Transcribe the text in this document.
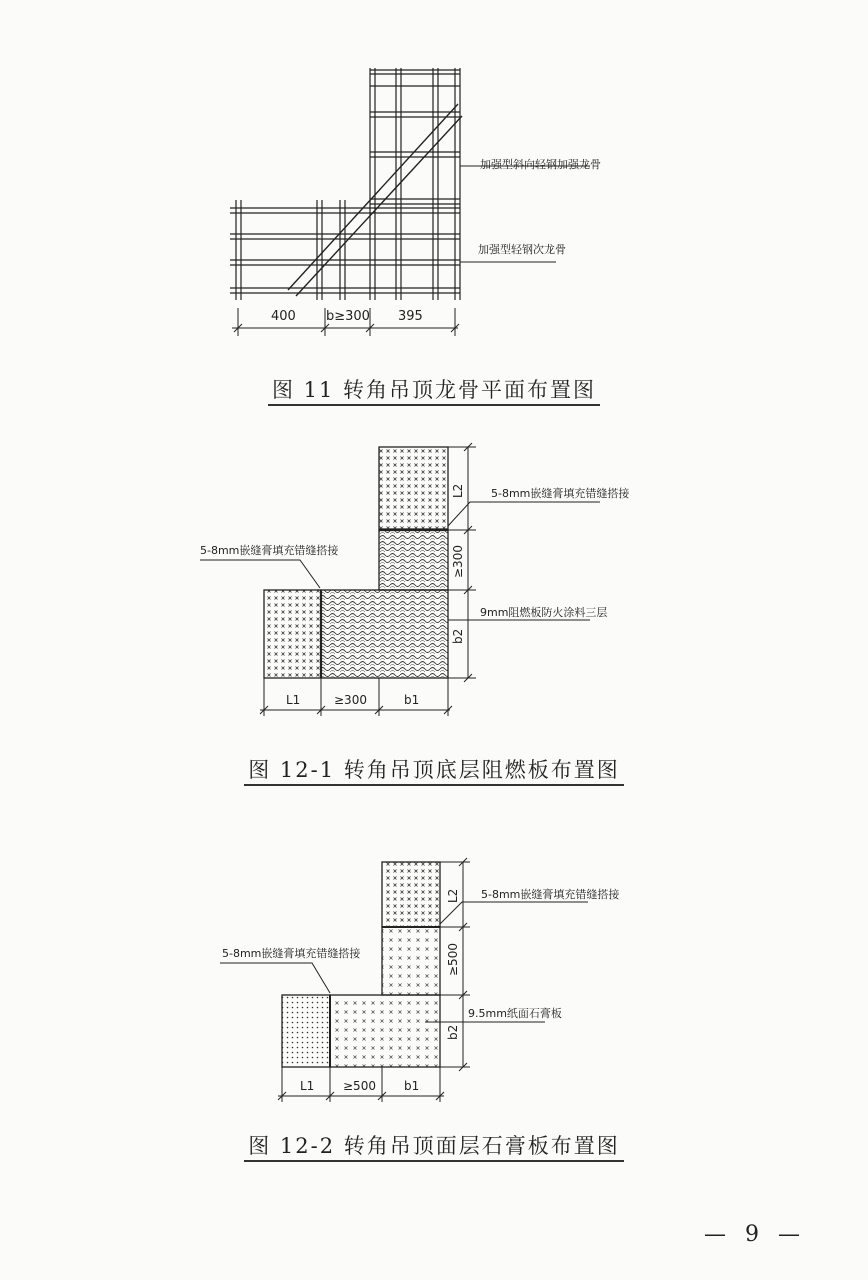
加强型斜向轻钢加强龙骨
加强型轻钢次龙骨
400 b≥300 395
5-8mm嵌缝膏填充错缝搭接
5-8mm嵌缝膏填充错缝搭接
9mm阻燃板防火涂料三层
L2
≥300
b2
L1	≥300	b1
5-8mm嵌缝膏填充错缝搭接
5-8mm嵌缝膏填充错缝搭接
9.5mm纸面石膏板
L2
≥500
b2
L1 ≥500 b1
图 11 转角吊顶龙骨平面布置图
图 12-1 转角吊顶底层阻燃板布置图
图 12-2 转角吊顶面层石膏板布置图
— 9 —
